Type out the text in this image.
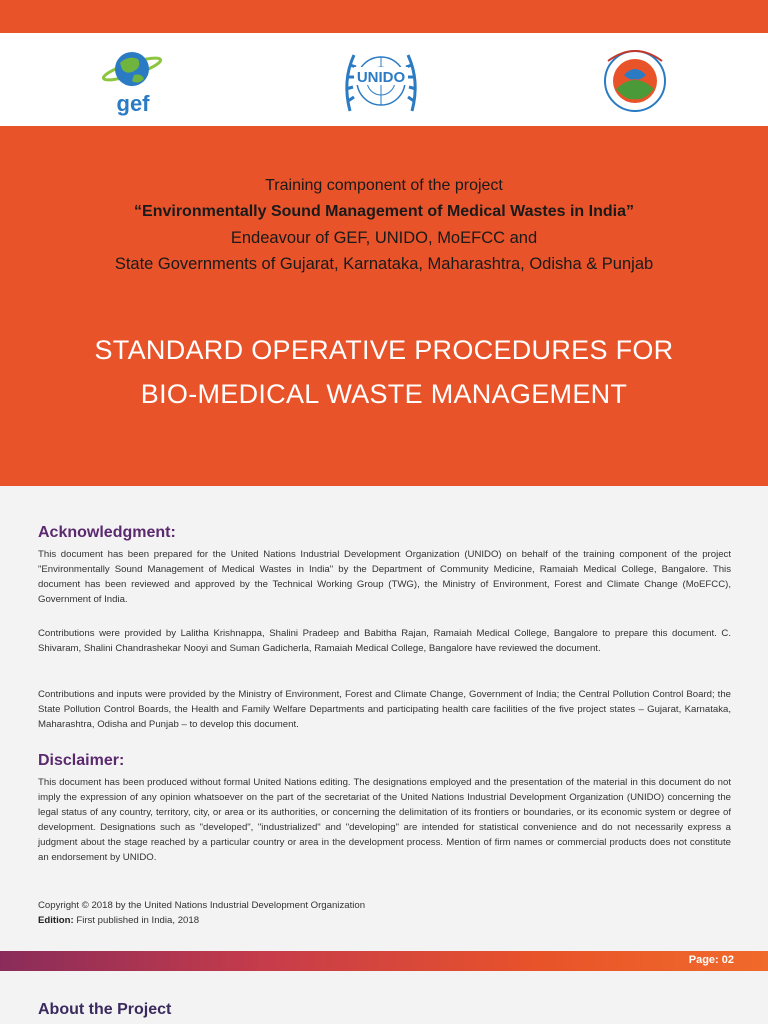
gef
UNIDO
Training component of the project
“Environmentally Sound Management of Medical Wastes in India”
Endeavour of GEF, UNIDO, MoEFCC and
State Governments of Gujarat, Karnataka, Maharashtra, Odisha & Punjab
STANDARD OPERATIVE PROCEDURES FOR
BIO-MEDICAL WASTE MANAGEMENT
Acknowledgment:

This document has been prepared for the United Nations Industrial Development Organization (UNIDO) on behalf of the training component of the project "Environmentally Sound Management of Medical Wastes in India" by the Department of Community Medicine, Ramaiah Medical College, Bangalore. This document has been reviewed and approved by the Technical Working Group (TWG), the Ministry of Environment, Forest and Climate Change (MoEFCC), Government of India.

Contributions were provided by Lalitha Krishnappa, Shalini Pradeep and Babitha Rajan, Ramaiah Medical College, Bangalore to prepare this document. C. Shivaram, Shalini Chandrashekar Nooyi and Suman Gadicherla, Ramaiah Medical College, Bangalore have reviewed the document.

Contributions and inputs were provided by the Ministry of Environment, Forest and Climate Change, Government of India; the Central Pollution Control Board; the State Pollution Control Boards, the Health and Family Welfare Departments and participating health care facilities of the five project states – Gujarat, Karnataka, Maharashtra, Odisha and Punjab – to develop this document.

Disclaimer:

This document has been produced without formal United Nations editing. The designations employed and the presentation of the material in this document do not imply the expression of any opinion whatsoever on the part of the secretariat of the United Nations Industrial Development Organization (UNIDO) concerning the legal status of any country, territory, city, or area or its authorities, or concerning the delimitation of its frontiers or boundaries, or its economic system or degree of development. Designations such as "developed", "industrialized" and "developing" are intended for statistical convenience and do not necessarily express a judgment about the stage reached by a particular country or area in the development process. Mention of firm names or commercial products does not constitute an endorsement by UNIDO.

Copyright © 2018 by the United Nations Industrial Development Organization
Edition: First published in India, 2018
Page: 02
About the Project
